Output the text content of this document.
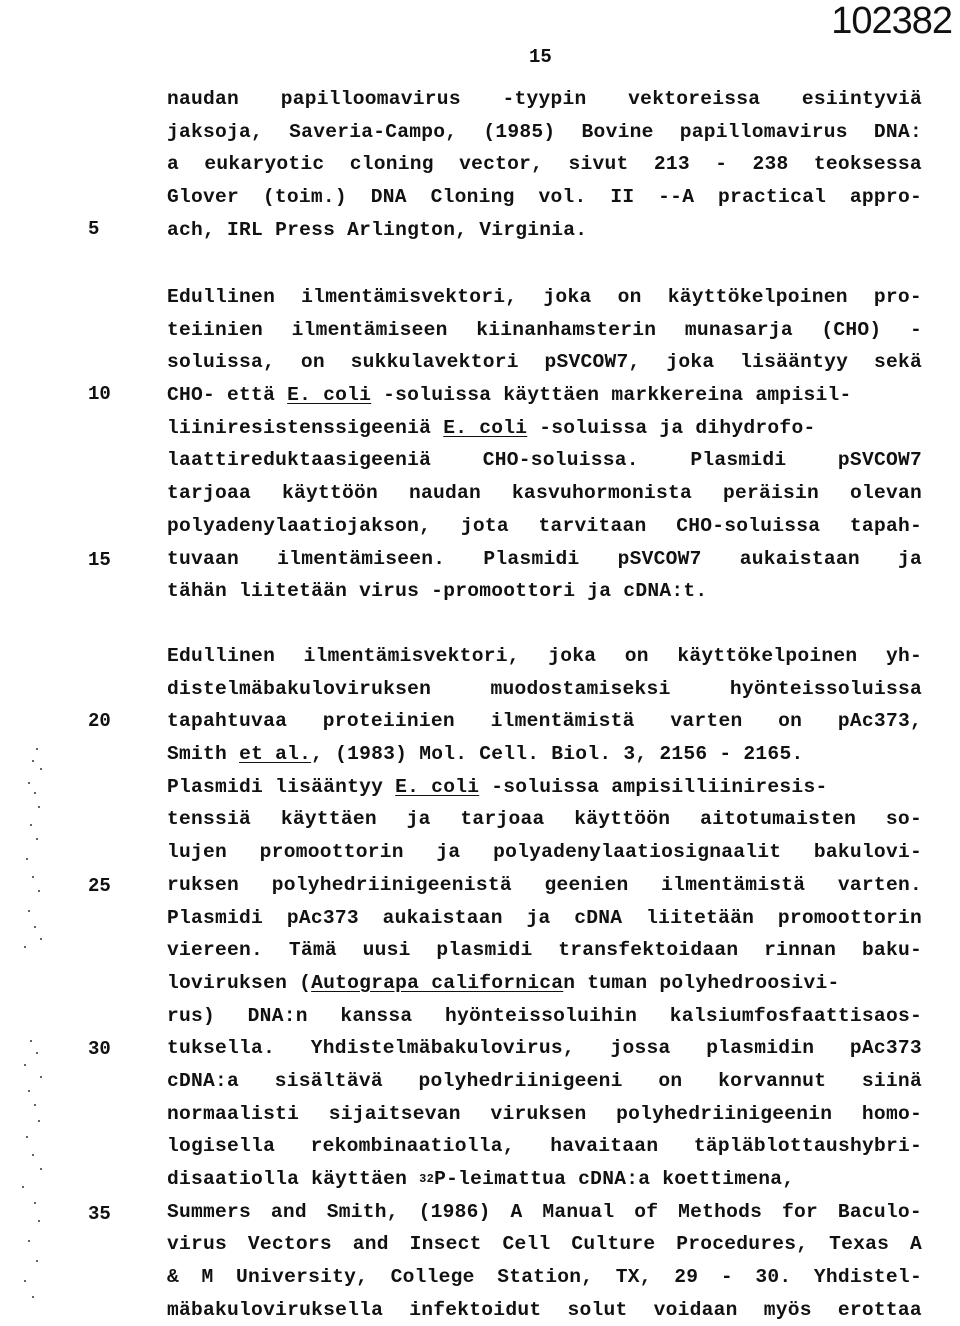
102382
15
5
10
15
20
25
30
35
naudan papilloomavirus -tyypin vektoreissa esiintyviä
jaksoja, Saveria-Campo, (1985) Bovine papillomavirus DNA:
a eukaryotic cloning vector, sivut 213 - 238 teoksessa
Glover (toim.) DNA Cloning vol. II --A practical appro-
ach, IRL Press Arlington, Virginia.
Edullinen ilmentämisvektori, joka on käyttökelpoinen pro-
teiinien ilmentämiseen kiinanhamsterin munasarja (CHO) -
soluissa, on sukkulavektori pSVCOW7, joka lisääntyy sekä
CHO- että E. coli -soluissa käyttäen markkereina ampisil-
liiniresistenssigeeniä E. coli -soluissa ja dihydrofo-
laattireduktaasigeeniä	CHO-soluissa.	Plasmidi	pSVCOW7
tarjoaa käyttöön naudan kasvuhormonista peräisin olevan
polyadenylaatiojakson, jota tarvitaan CHO-soluissa tapah-
tuvaan ilmentämiseen. Plasmidi pSVCOW7 aukaistaan ja
tähän liitetään virus -promoottori ja cDNA:t.
Edullinen ilmentämisvektori, joka on käyttökelpoinen yh-
distelmäbakuloviruksen	muodostamiseksi	hyönteissoluissa
tapahtuvaa proteiinien ilmentämistä varten on pAc373,
Smith et al. , (1983) Mol. Cell. Biol. 3, 2156 - 2165.
Plasmidi lisääntyy E. coli -soluissa ampisilliiniresis-
tenssiä käyttäen ja tarjoaa käyttöön aitotumaisten so-
lujen promoottorin ja polyadenylaatiosignaalit bakulovi-
ruksen polyhedriinigeenistä geenien ilmentämistä varten.
Plasmidi pAc373 aukaistaan ja cDNA liitetään promoottorin
viereen. Tämä uusi plasmidi transfektoidaan rinnan baku-
loviruksen ( Autograpa californica n tuman polyhedroosivi-
rus) DNA:n kanssa hyönteissoluihin kalsiumfosfaattisaos-
tuksella. Yhdistelmäbakulovirus, jossa plasmidin pAc373
cDNA:a sisältävä polyhedriinigeeni on korvannut siinä
normaalisti sijaitsevan viruksen polyhedriinigeenin homo-
logisella rekombinaatiolla, havaitaan täpläblottaushybri-
disaatiolla käyttäen 32 P-leimattua cDNA:a koettimena,
Summers and Smith, (1986) A Manual of Methods for Baculo-
virus Vectors and Insect Cell Culture Procedures, Texas A
& M University, College Station, TX, 29 - 30. Yhdistel-
mäbakuloviruksella infektoidut solut voidaan myös erottaa
